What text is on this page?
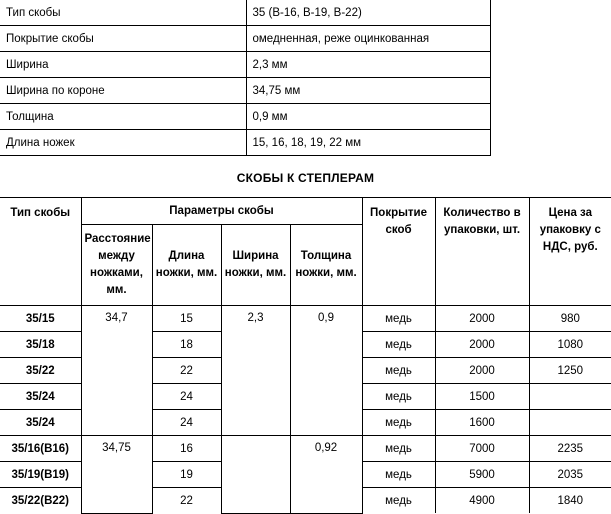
Тип скобы	35 (B-16, B-19, B-22)
Покрытие скобы	омедненная, реже оцинкованная
Ширина	2,3 мм
Ширина по короне	34,75 мм
Толщина	0,9 мм
Длина ножек	15, 16, 18, 19, 22 мм
СКОБЫ К СТЕПЛЕРАМ
Тип скобы	Параметры скобы				Покрытие скоб	Количество в упаковки, шт.	Цена за упаковку с НДС, руб.
	Расстояние между ножками, мм.	Длина ножки, мм.	Ширина ножки, мм.	Толщина ножки, мм.			
35/15	34,7	15	2,3	0,9	медь	2000	980
35/18		18			медь	2000	1080
35/22		22			медь	2000	1250
35/24		24			медь	1500	
35/24		24			медь	1600	
35/16(B16)	34,75	16		0,92	медь	7000	2235
35/19(B19)		19			медь	5900	2035
35/22(B22)		22			медь	4900	1840
